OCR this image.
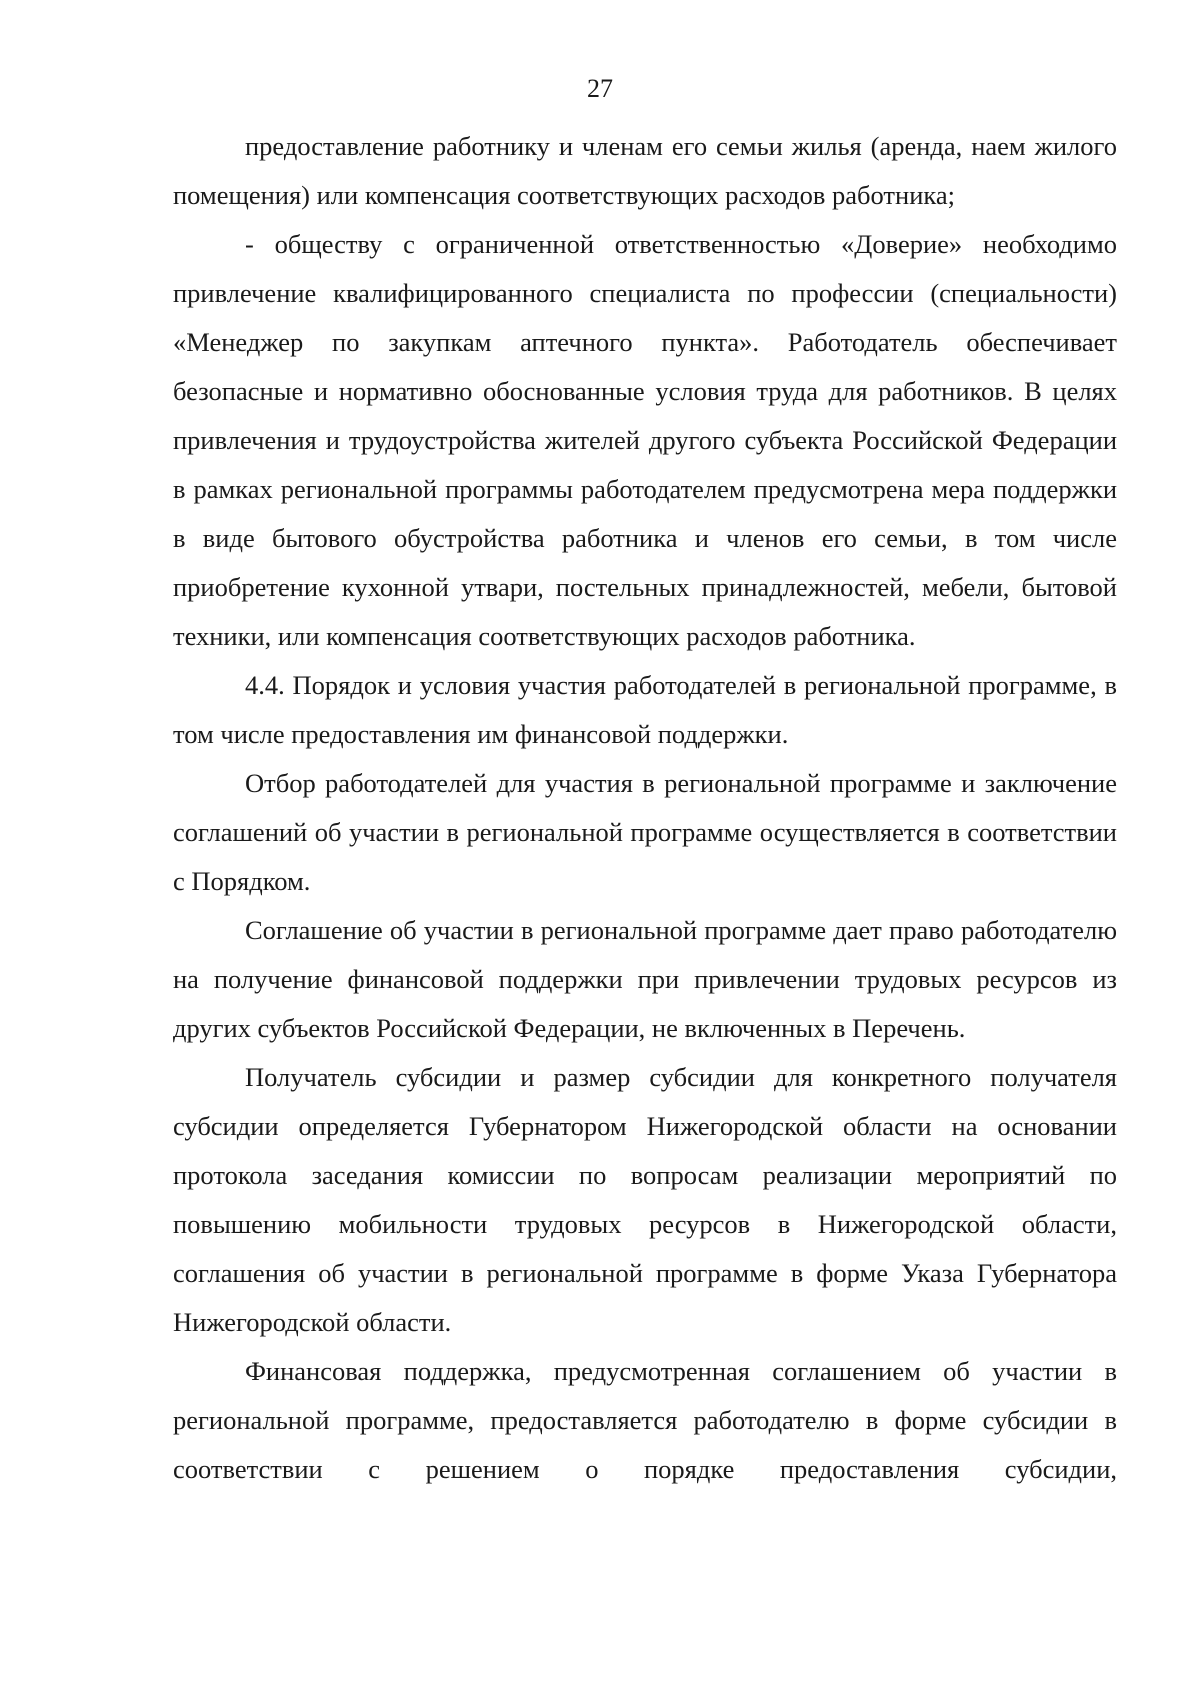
27

предоставление работнику и членам его семьи жилья (аренда, наем жилого помещения) или компенсация соответствующих расходов работника;

- обществу с ограниченной ответственностью «Доверие» необходимо привлечение квалифицированного специалиста по профессии (специальности) «Менеджер по закупкам аптечного пункта». Работодатель обеспечивает безопасные и нормативно обоснованные условия труда для работников. В целях привлечения и трудоустройства жителей другого субъекта Российской Федерации в рамках региональной программы работодателем предусмотрена мера поддержки в виде бытового обустройства работника и членов его семьи, в том числе приобретение кухонной утвари, постельных принадлежностей, мебели, бытовой техники, или компенсация соответствующих расходов работника.

4.4. Порядок и условия участия работодателей в региональной программе, в том числе предоставления им финансовой поддержки.

Отбор работодателей для участия в региональной программе и заключение соглашений об участии в региональной программе осуществляется в соответствии с Порядком.

Соглашение об участии в региональной программе дает право работодателю на получение финансовой поддержки при привлечении трудовых ресурсов из других субъектов Российской Федерации, не включенных в Перечень.

Получатель субсидии и размер субсидии для конкретного получателя субсидии определяется Губернатором Нижегородской области на основании протокола заседания комиссии по вопросам реализации мероприятий по повышению мобильности трудовых ресурсов в Нижегородской области, соглашения об участии в региональной программе в форме Указа Губернатора Нижегородской области.

Финансовая поддержка, предусмотренная соглашением об участии в региональной программе, предоставляется работодателю в форме субсидии в соответствии с решением о порядке предоставления субсидии,
